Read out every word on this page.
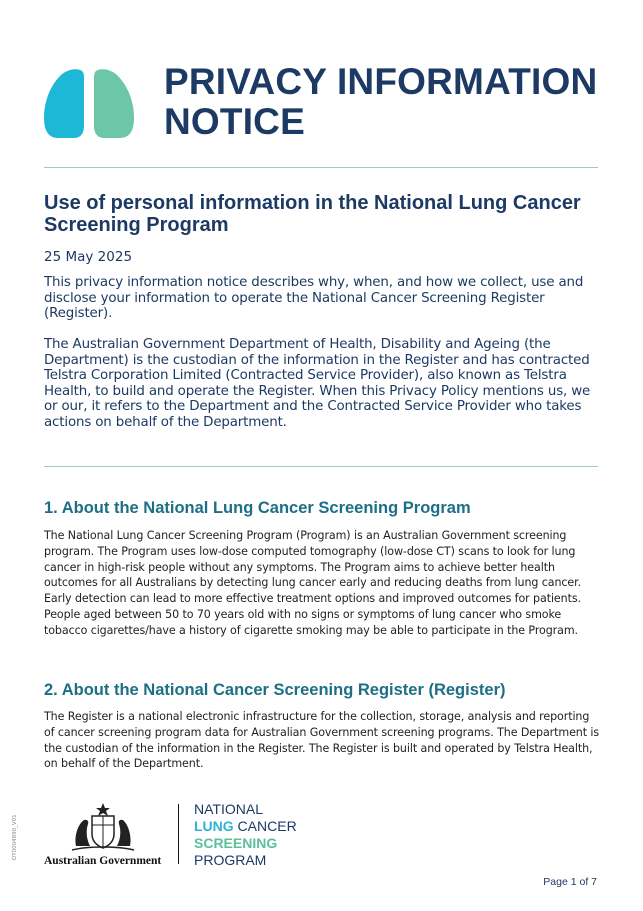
PRIVACY INFORMATION NOTICE
Use of personal information in the National Lung Cancer Screening Program
25 May 2025
This privacy information notice describes why, when, and how we collect, use and disclose your information to operate the National Cancer Screening Register (Register).
The Australian Government Department of Health, Disability and Ageing (the Department) is the custodian of the information in the Register and has contracted Telstra Corporation Limited (Contracted Service Provider), also known as Telstra Health, to build and operate the Register. When this Privacy Policy mentions us, we or our, it refers to the Department and the Contracted Service Provider who takes actions on behalf of the Department.
1. About the National Lung Cancer Screening Program
The National Lung Cancer Screening Program (Program) is an Australian Government screening program. The Program uses low-dose computed tomography (low-dose CT) scans to look for lung cancer in high-risk people without any symptoms. The Program aims to achieve better health outcomes for all Australians by detecting lung cancer early and reducing deaths from lung cancer. Early detection can lead to more effective treatment options and improved outcomes for patients. People aged between 50 to 70 years old with no signs or symptoms of lung cancer who smoke tobacco cigarettes/have a history of cigarette smoking may be able to participate in the Program.
2. About the National Cancer Screening Register (Register)
The Register is a national electronic infrastructure for the collection, storage, analysis and reporting of cancer screening program data for Australian Government screening programs. The Department is the custodian of the information in the Register. The Register is built and operated by Telstra Health, on behalf of the Department.
DT0004890_V01
Australian Government
NATIONAL
LUNG CANCER
SCREENING
PROGRAM
Page 1 of 7
